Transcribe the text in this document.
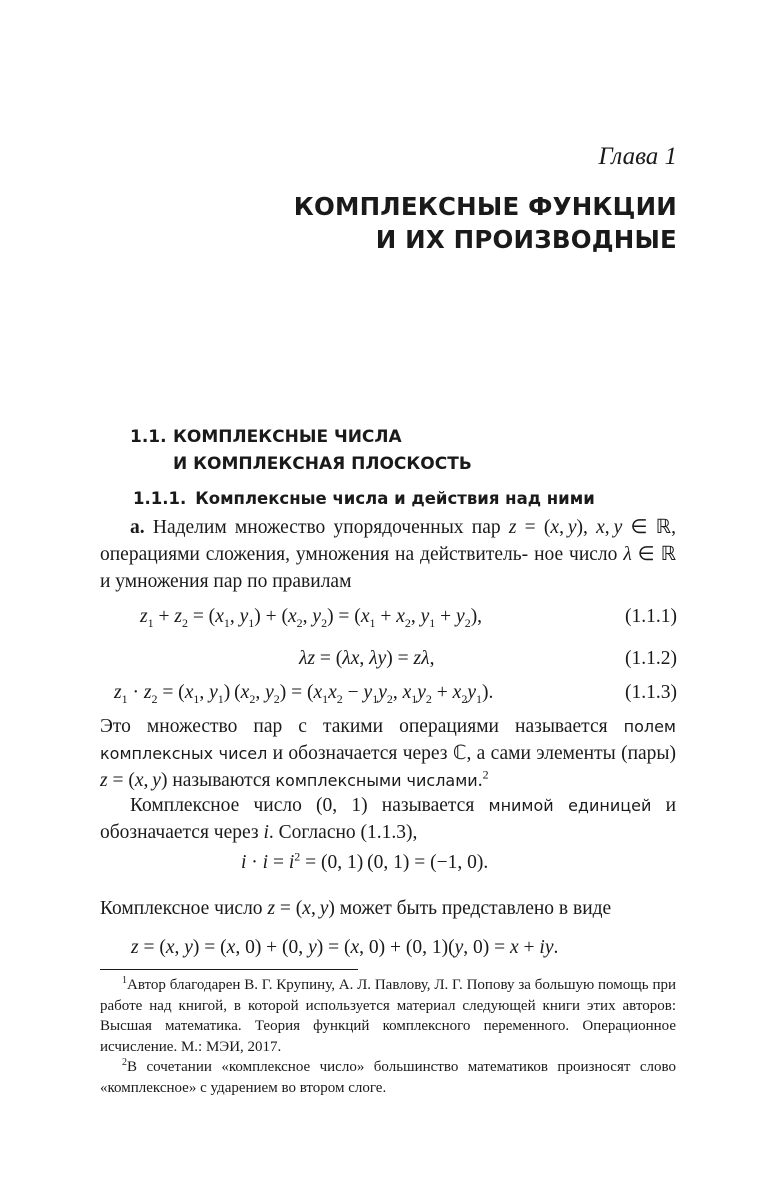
Глава 1
КОМПЛЕКСНЫЕ ФУНКЦИИ
И ИХ ПРОИЗВОДНЫЕ
1.1. КОМПЛЕКСНЫЕ ЧИСЛА
И КОМПЛЕКСНАЯ ПЛОСКОСТЬ
1.1.1. Комплексные числа и действия над ними
а. Наделим множество упорядоченных пар z = (x, y), x, y ∈ ℝ, операциями сложения, умножения на действитель- ное число λ ∈ ℝ и умножения пар по правилам
$z_1 + z_2 = (x_1$, $y_1) + (x_2$, $y_2) = (x_1 + x_2$, $y_1 + y_2$),	(1.1.1)
λz = (λx, λy) = zλ,	(1.1.2)
$z_1 \cdot z_2 = (x_1$, $y_1$) ($x_2$, $y_2) = (x_1x_2 - y_1y_2$, $x_1y_2 + x_2y_1$).	(1.1.3)
Это множество пар с такими операциями называется полем комплексных чисел и обозначается через ℂ, а сами элементы (пары) z = (x, y) называются комплексными числами.$^2$
Комплексное число (0, 1) называется мнимой единицей и обозначается через i. Согласно (1.1.3),
$i \cdot i = i^2 = (0$, 1) (0, 1) = (−1, 0).
Комплексное число z = (x, y) может быть представлено в виде
z = (x, y) = (x, 0) + (0, y) = (x, 0) + (0, 1)(y, 0) = x + iy.
$^1$Автор благодарен В. Г. Крупину, А. Л. Павлову, Л. Г. Попову за большую помощь при работе над книгой, в которой используется материал следующей книги этих авторов: Высшая математика. Теория функций комплексного переменного. Операционное исчисление. М.: МЭИ, 2017.
$^2$В сочетании «комплексное число» большинство математиков произносят слово «комплексное» с ударением во втором слоге.
